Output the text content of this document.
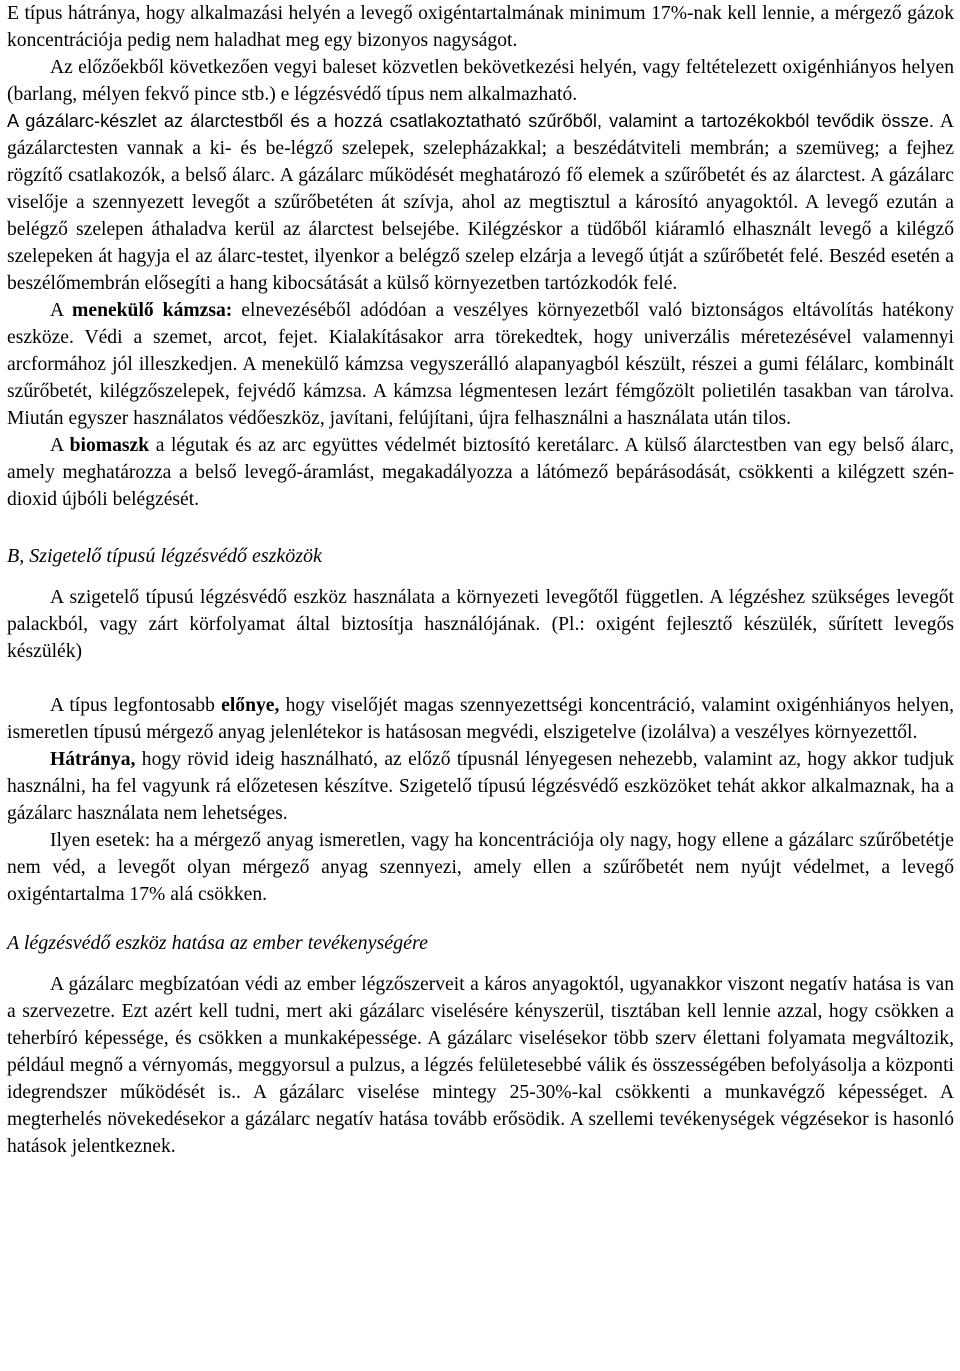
E típus hátránya, hogy alkalmazási helyén a levegő oxigéntartalmának minimum 17%-nak kell lennie, a mérgező gázok koncentrációja pedig nem haladhat meg egy bizonyos nagyságot.

Az előzőekből következően vegyi baleset közvetlen bekövetkezési helyén, vagy feltételezett oxigénhiányos helyen (barlang, mélyen fekvő pince stb.) e légzésvédő típus nem alkalmazható.

A gázálarc-készlet az álarctestből és a hozzá csatlakoztatható szűrőből, valamint a tartozékokból tevődik össze. A gázálarctesten vannak a ki- és be-légző szelepek, szelepházakkal; a beszédátviteli membrán; a szemüveg; a fejhez rögzítő csatlakozók, a belső álarc. A gázálarc működését meghatározó fő elemek a szűrőbetét és az álarctest. A gázálarc viselője a szennyezett levegőt a szűrőbetéten át szívja, ahol az megtisztul a károsító anyagoktól. A levegő ezután a belégző szelepen áthaladva kerül az álarctest belsejébe. Kilégzéskor a tüdőből kiáramló elhasznált levegő a kilégző szelepeken át hagyja el az álarc-testet, ilyenkor a belégző szelep elzárja a levegő útját a szűrőbetét felé. Beszéd esetén a beszélőmembrán elősegíti a hang kibocsátását a külső környezetben tartózkodók felé.

A menekülő kámzsa: elnevezéséből adódóan a veszélyes környezetből való biztonságos eltávolítás hatékony eszköze. Védi a szemet, arcot, fejet. Kialakításakor arra törekedtek, hogy univerzális méretezésével valamennyi arcformához jól illeszkedjen. A menekülő kámzsa vegyszerálló alapanyagból készült, részei a gumi félálarc, kombinált szűrőbetét, kilégzőszelepek, fejvédő kámzsa. A kámzsa légmentesen lezárt fémgőzölt polietilén tasakban van tárolva. Miután egyszer használatos védőeszköz, javítani, felújítani, újra felhasználni a használata után tilos.

A biomaszk a légutak és az arc együttes védelmét biztosító keretálarc. A külső álarctestben van egy belső álarc, amely meghatározza a belső levegő-áramlást, megakadályozza a látómező bepárásodását, csökkenti a kilégzett szén-dioxid újbóli belégzését.

B, Szigetelő típusú légzésvédő eszközök

A szigetelő típusú légzésvédő eszköz használata a környezeti levegőtől független. A légzéshez szükséges levegőt palackból, vagy zárt körfolyamat által biztosítja használójának. (Pl.: oxigént fejlesztő készülék, sűrített levegős készülék)

A típus legfontosabb előnye, hogy viselőjét magas szennyezettségi koncentráció, valamint oxigénhiányos helyen, ismeretlen típusú mérgező anyag jelenlétekor is hatásosan megvédi, elszigetelve (izolálva) a veszélyes környezettől.

Hátránya, hogy rövid ideig használható, az előző típusnál lényegesen nehezebb, valamint az, hogy akkor tudjuk használni, ha fel vagyunk rá előzetesen készítve. Szigetelő típusú légzésvédő eszközöket tehát akkor alkalmaznak, ha a gázálarc használata nem lehetséges.

Ilyen esetek: ha a mérgező anyag ismeretlen, vagy ha koncentrációja oly nagy, hogy ellene a gázálarc szűrőbetétje nem véd, a levegőt olyan mérgező anyag szennyezi, amely ellen a szűrőbetét nem nyújt védelmet, a levegő oxigéntartalma 17% alá csökken.

A légzésvédő eszköz hatása az ember tevékenységére

A gázálarc megbízatóan védi az ember légzőszerveit a káros anyagoktól, ugyanakkor viszont negatív hatása is van a szervezetre. Ezt azért kell tudni, mert aki gázálarc viselésére kényszerül, tisztában kell lennie azzal, hogy csökken a teherbíró képessége, és csökken a munkaképessége. A gázálarc viselésekor több szerv élettani folyamata megváltozik, például megnő a vérnyomás, meggyorsul a pulzus, a légzés felületesebbé válik és összességében befolyásolja a központi idegrendszer működését is.. A gázálarc viselése mintegy 25-30%-kal csökkenti a munkavégző képességet. A megterhelés növekedésekor a gázálarc negatív hatása tovább erősödik. A szellemi tevékenységek végzésekor is hasonló hatások jelentkeznek.
